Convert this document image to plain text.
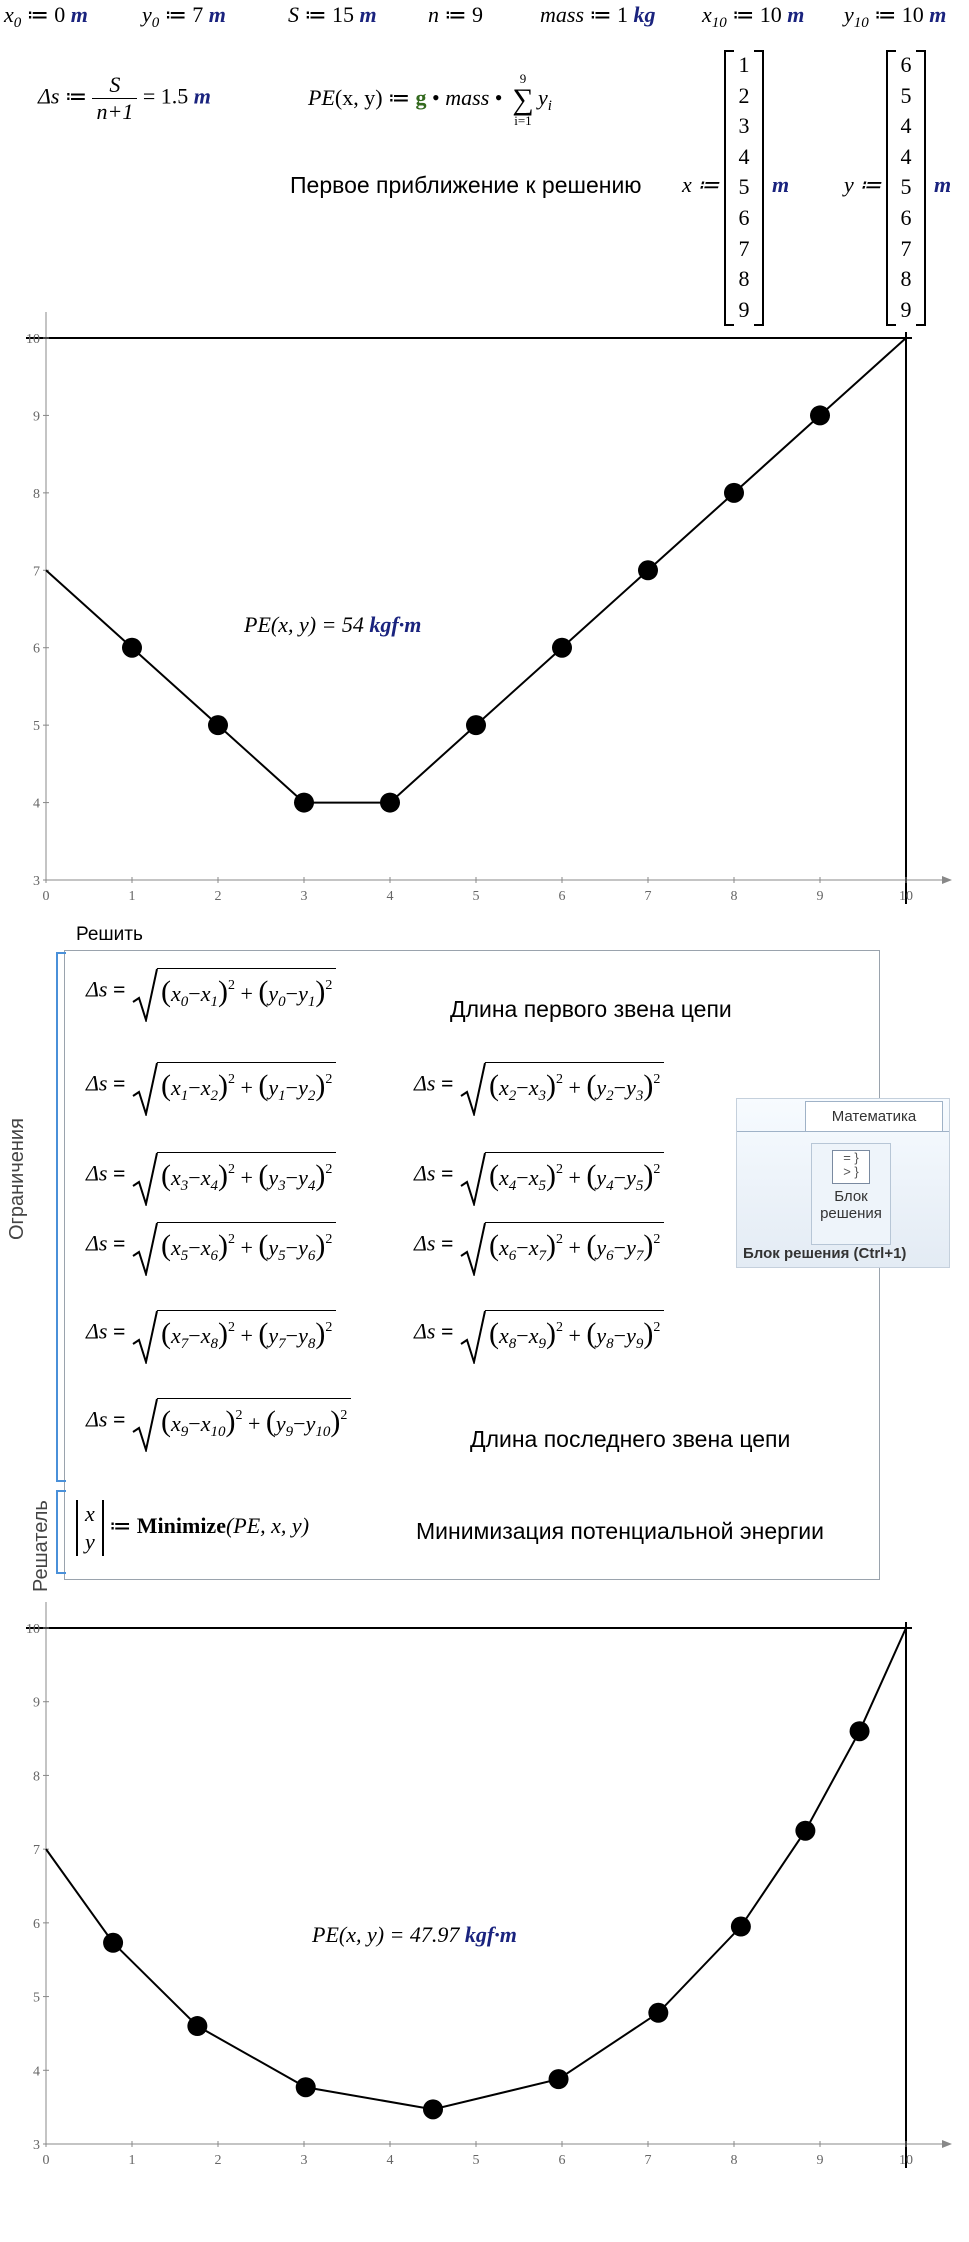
$x_0$ ≔ 0 m $y_0$ ≔ 7 m	S ≔ 15 m n ≔ 9	mass ≔ 1 kg $x_{10}$ ≔ 10 m $y_{10}$ ≔ 10 m
Δs ≔ $\frac{S}{n+1} = 1.5$ m	PE(x, y) ≔ g • mass •
9
∑
i=1
$y_i$
Первое приближение к решению x ≔
1
2
3
4
5
6
7
8
9
m y ≔
6
5
4
4
5
6
7
8
9
m
0	1	2	3	4	5	6	7	8	9	10
3
4
5
6
7
8
9
10
PE(x, y) = 54 kgf·m
Решить
Ограничения
Решатель
$\Delta s = (x_0-x_1)^2 + (y_0-y_1)^2$
$\Delta s = (x_1-x_2)^2 + (y_1-y_2)^2$	$\Delta s = (x_2-x_3)^2 + (y_2-y_3)^2$
$\Delta s = (x_3-x_4)^2 + (y_3-y_4)^2$	$\Delta s = (x_4-x_5)^2 + (y_4-y_5)^2$
$\Delta s = (x_5-x_6)^2 + (y_5-y_6)^2$	$\Delta s = (x_6-x_7)^2 + (y_6-y_7)^2$
$\Delta s = (x_7-x_8)^2 + (y_7-y_8)^2$	$\Delta s = (x_8-x_9)^2 + (y_8-y_9)^2$
$\Delta s = (x_9-x_{10})^2 + (y_9-y_{10})^2$
Длина первого звена цепи
Длина последнего звена цепи
x
y
≔ Minimize(PE, x, y)	Минимизация потенциальной энергии
Математика
= }
> }
Блок
решения
Блок решения (Ctrl+1)
0	1	2	3	4	5	6	7	8	9	10
3
4
5
6
7
8
9
10
PE(x, y) = 47.97 kgf·m
